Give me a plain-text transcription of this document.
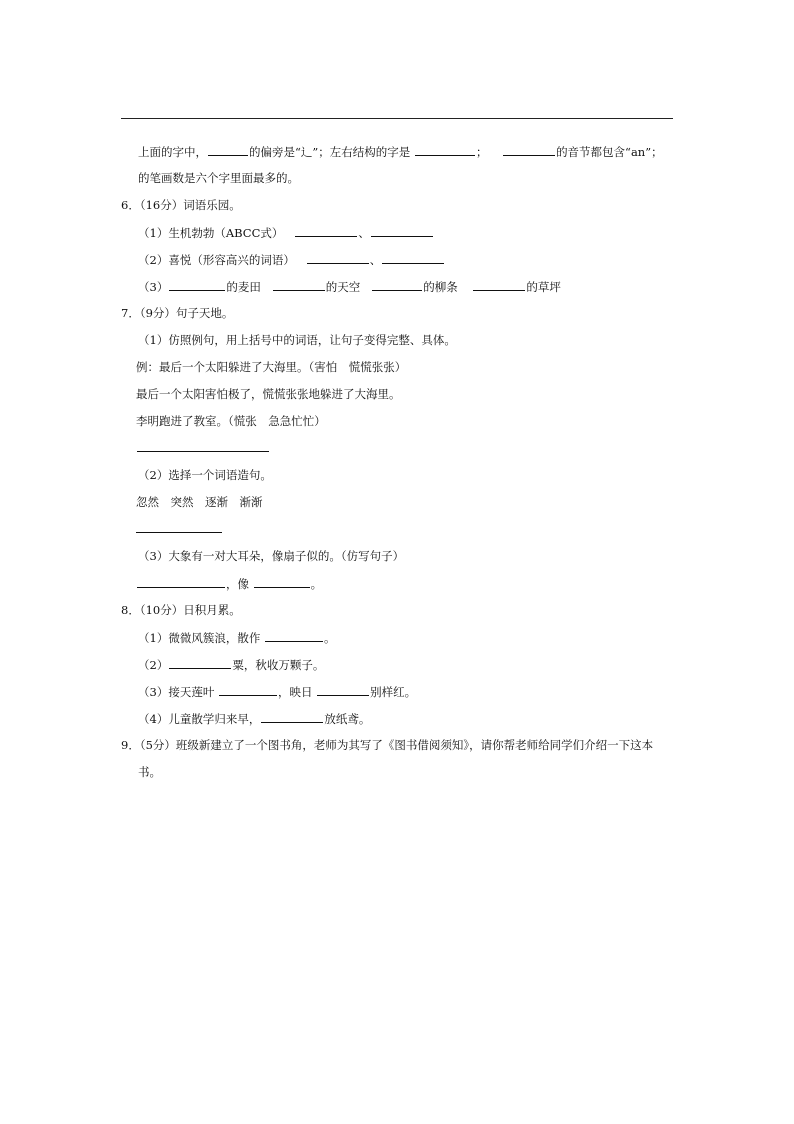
上面的字中，	的偏旁是“⻌”；左右结构的字是	；	的音节都包含“an”；
的笔画数是六个字里面最多的。
6．（16分）词语乐园。
（1）生机勃勃（ABCC式）	、
（2）喜悦（形容高兴的词语）	、
（3）	的麦田	的天空	的柳条	的草坪
7．（9分）句子天地。
（1）仿照例句，用上括号中的词语，让句子变得完整、具体。
例：最后一个太阳躲进了大海里。（害怕　慌慌张张）
最后一个太阳害怕极了，慌慌张张地躲进了大海里。
李明跑进了教室。（慌张　急急忙忙）
（2）选择一个词语造句。
忽然　突然　逐渐　渐渐
（3）大象有一对大耳朵，像扇子似的。（仿写句子）
，像	。
8．（10分）日积月累。
（1）微微风簇浪，散作	。
（2）	粟，秋收万颗子。
（3）接天莲叶	，映日	别样红。
（4）儿童散学归来早，	放纸鸢。
9．（5分）班级新建立了一个图书角，老师为其写了《图书借阅须知》，请你帮老师给同学们介绍一下这本
书。
